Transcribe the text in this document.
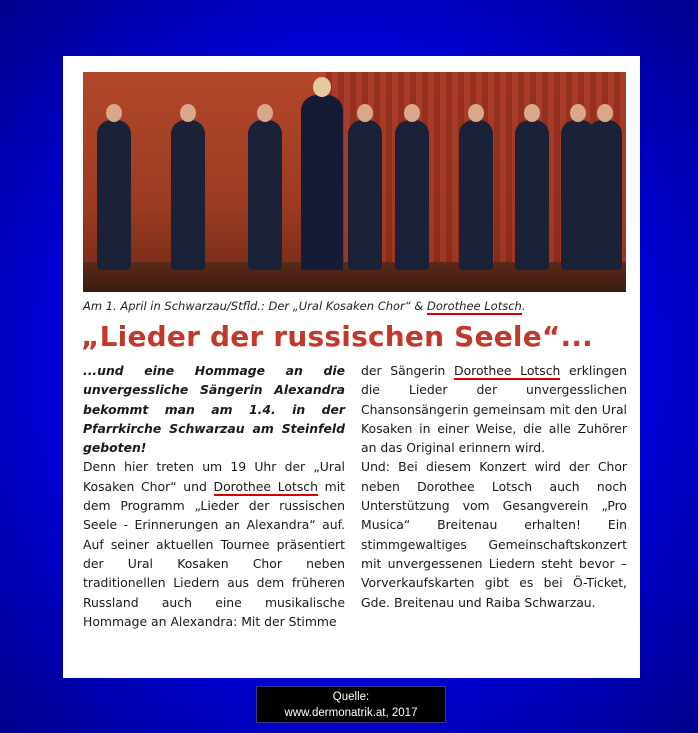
Am 1. April in Schwarzau/Stfld.: Der „Ural Kosaken Chor“ & Dorothee Lotsch.
„Lieder der russischen Seele“...
...und eine Hommage an die unvergessliche Sängerin Alexandra bekommt man am 1.4. in der Pfarrkirche Schwarzau am Steinfeld geboten!
Denn hier treten um 19 Uhr der „Ural Kosaken Chor“ und Dorothee Lotsch mit dem Programm „Lieder der russischen Seele - Erinnerungen an Alexandra“ auf. Auf seiner aktuellen Tournee präsentiert der Ural Kosaken Chor neben traditionellen Liedern aus dem früheren Russland auch eine musikalische Hommage an Alexandra: Mit der Stimme
der Sängerin Dorothee Lotsch erklingen die Lieder der unvergesslichen Chansonsängerin gemeinsam mit den Ural Kosaken in einer Weise, die alle Zuhörer an das Original erinnern wird.
Und: Bei diesem Konzert wird der Chor neben Dorothee Lotsch auch noch Unterstützung vom Gesangverein „Pro Musica“ Breitenau erhalten! Ein stimmgewaltiges Gemeinschaftskonzert mit unvergessenen Liedern steht bevor – Vorverkaufskarten gibt es bei Ö-Ticket, Gde. Breitenau und Raiba Schwarzau.
Quelle:
www.dermonatrik.at, 2017
